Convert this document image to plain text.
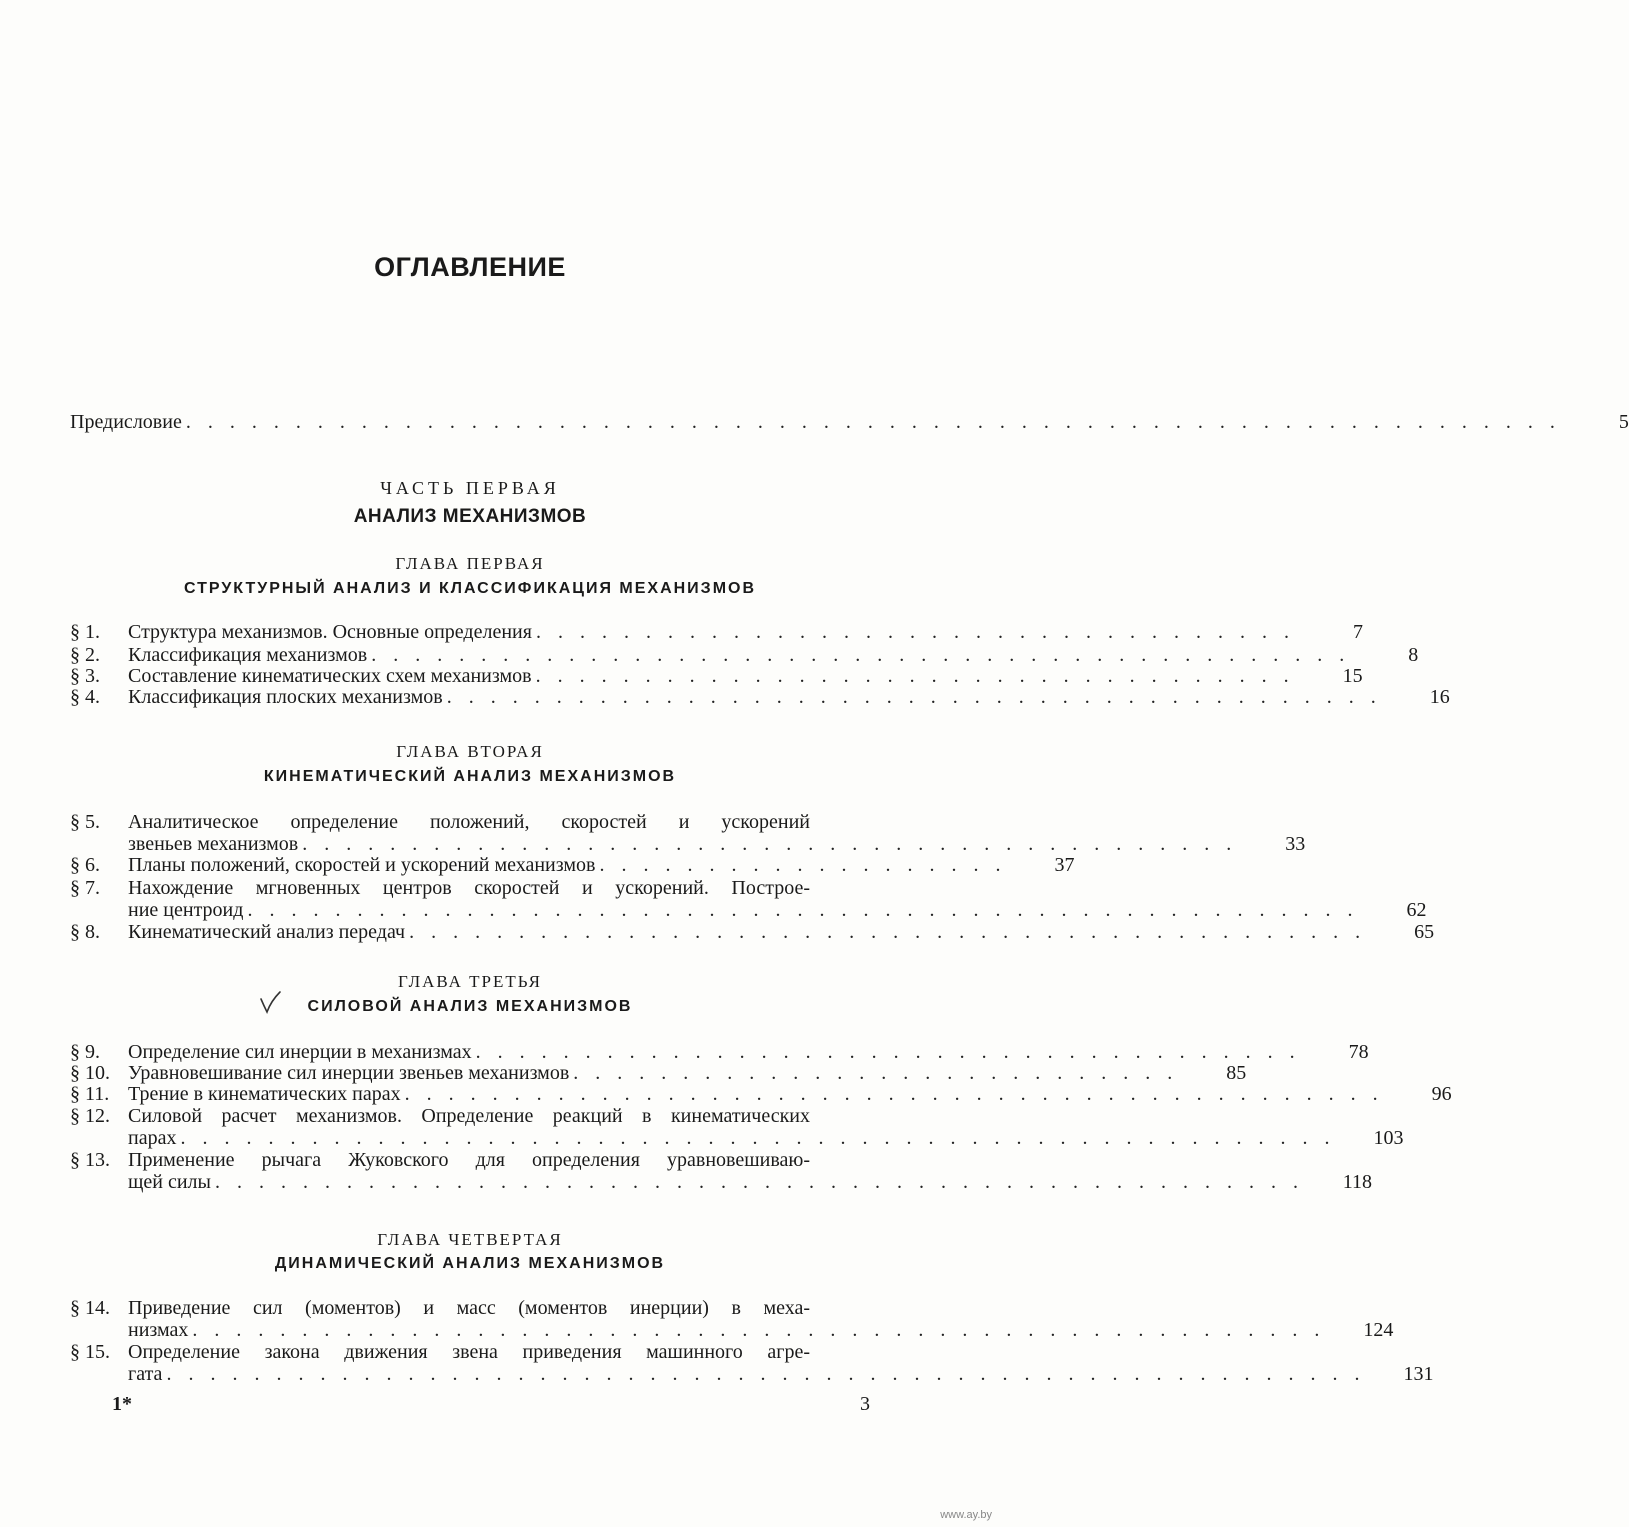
ОГЛАВЛЕНИЕ
Предисловие . . . . . . . . . . . . . . . . . . . . . . . . . . . . . . . . . . . . . . . . . . . . . . . . . . . . . . . . . . . . . . .	5
ЧАСТЬ ПЕРВАЯ
АНАЛИЗ МЕХАНИЗМОВ
ГЛАВА ПЕРВАЯ
СТРУКТУРНЫЙ АНАЛИЗ И КЛАССИФИКАЦИЯ МЕХАНИЗМОВ
§ 1.	Структура механизмов. Основные определения . . . . . . . . . . . . . . . . . . . . . . . . . . . . . . . . . . .	7
§ 2.	Классификация механизмов . . . . . . . . . . . . . . . . . . . . . . . . . . . . . . . . . . . . . . . . . . . . .	8
§ 3.	Составление кинематических схем механизмов . . . . . . . . . . . . . . . . . . . . . . . . . . . . . . . . . . .	15
§ 4.	Классификация плоских механизмов . . . . . . . . . . . . . . . . . . . . . . . . . . . . . . . . . . . . . . . . . . .	16
ГЛАВА ВТОРАЯ
КИНЕМАТИЧЕСКИЙ АНАЛИЗ МЕХАНИЗМОВ
§ 5.	Аналитическое определение положений, скоростей и ускорений
звеньев механизмов . . . . . . . . . . . . . . . . . . . . . . . . . . . . . . . . . . . . . . . . . . .	33
§ 6.	Планы положений, скоростей и ускорений механизмов . . . . . . . . . . . . . . . . . . .	37
§ 7.	Нахождение мгновенных центров скоростей и ускорений. Построе-
ние центроид . . . . . . . . . . . . . . . . . . . . . . . . . . . . . . . . . . . . . . . . . . . . . . . . . . .	62
§ 8.	Кинематический анализ передач . . . . . . . . . . . . . . . . . . . . . . . . . . . . . . . . . . . . . . . . . . . .	65
ГЛАВА ТРЕТЬЯ
СИЛОВОЙ АНАЛИЗ МЕХАНИЗМОВ
§ 9.	Определение сил инерции в механизмах . . . . . . . . . . . . . . . . . . . . . . . . . . . . . . . . . . . . . .	78
§ 10. Уравновешивание сил инерции звеньев механизмов . . . . . . . . . . . . . . . . . . . . . . . . . . . .	85
§ 11. Трение в кинематических парах . . . . . . . . . . . . . . . . . . . . . . . . . . . . . . . . . . . . . . . . . . . . .	96
§ 12. Силовой расчет механизмов. Определение реакций в кинематических
парах . . . . . . . . . . . . . . . . . . . . . . . . . . . . . . . . . . . . . . . . . . . . . . . . . . . . .	103
§ 13. Применение рычага Жуковского для определения уравновешиваю-
щей силы . . . . . . . . . . . . . . . . . . . . . . . . . . . . . . . . . . . . . . . . . . . . . . . . . .	118
ГЛАВА ЧЕТВЕРТАЯ
ДИНАМИЧЕСКИЙ АНАЛИЗ МЕХАНИЗМОВ
§ 14. Приведение сил (моментов) и масс (моментов инерции) в меха-
низмах . . . . . . . . . . . . . . . . . . . . . . . . . . . . . . . . . . . . . . . . . . . . . . . . . . . .	124
§ 15. Определение закона движения звена приведения машинного агре-
гата . . . . . . . . . . . . . . . . . . . . . . . . . . . . . . . . . . . . . . . . . . . . . . . . . . . . . . .	131
1*	3
www.ay.by
